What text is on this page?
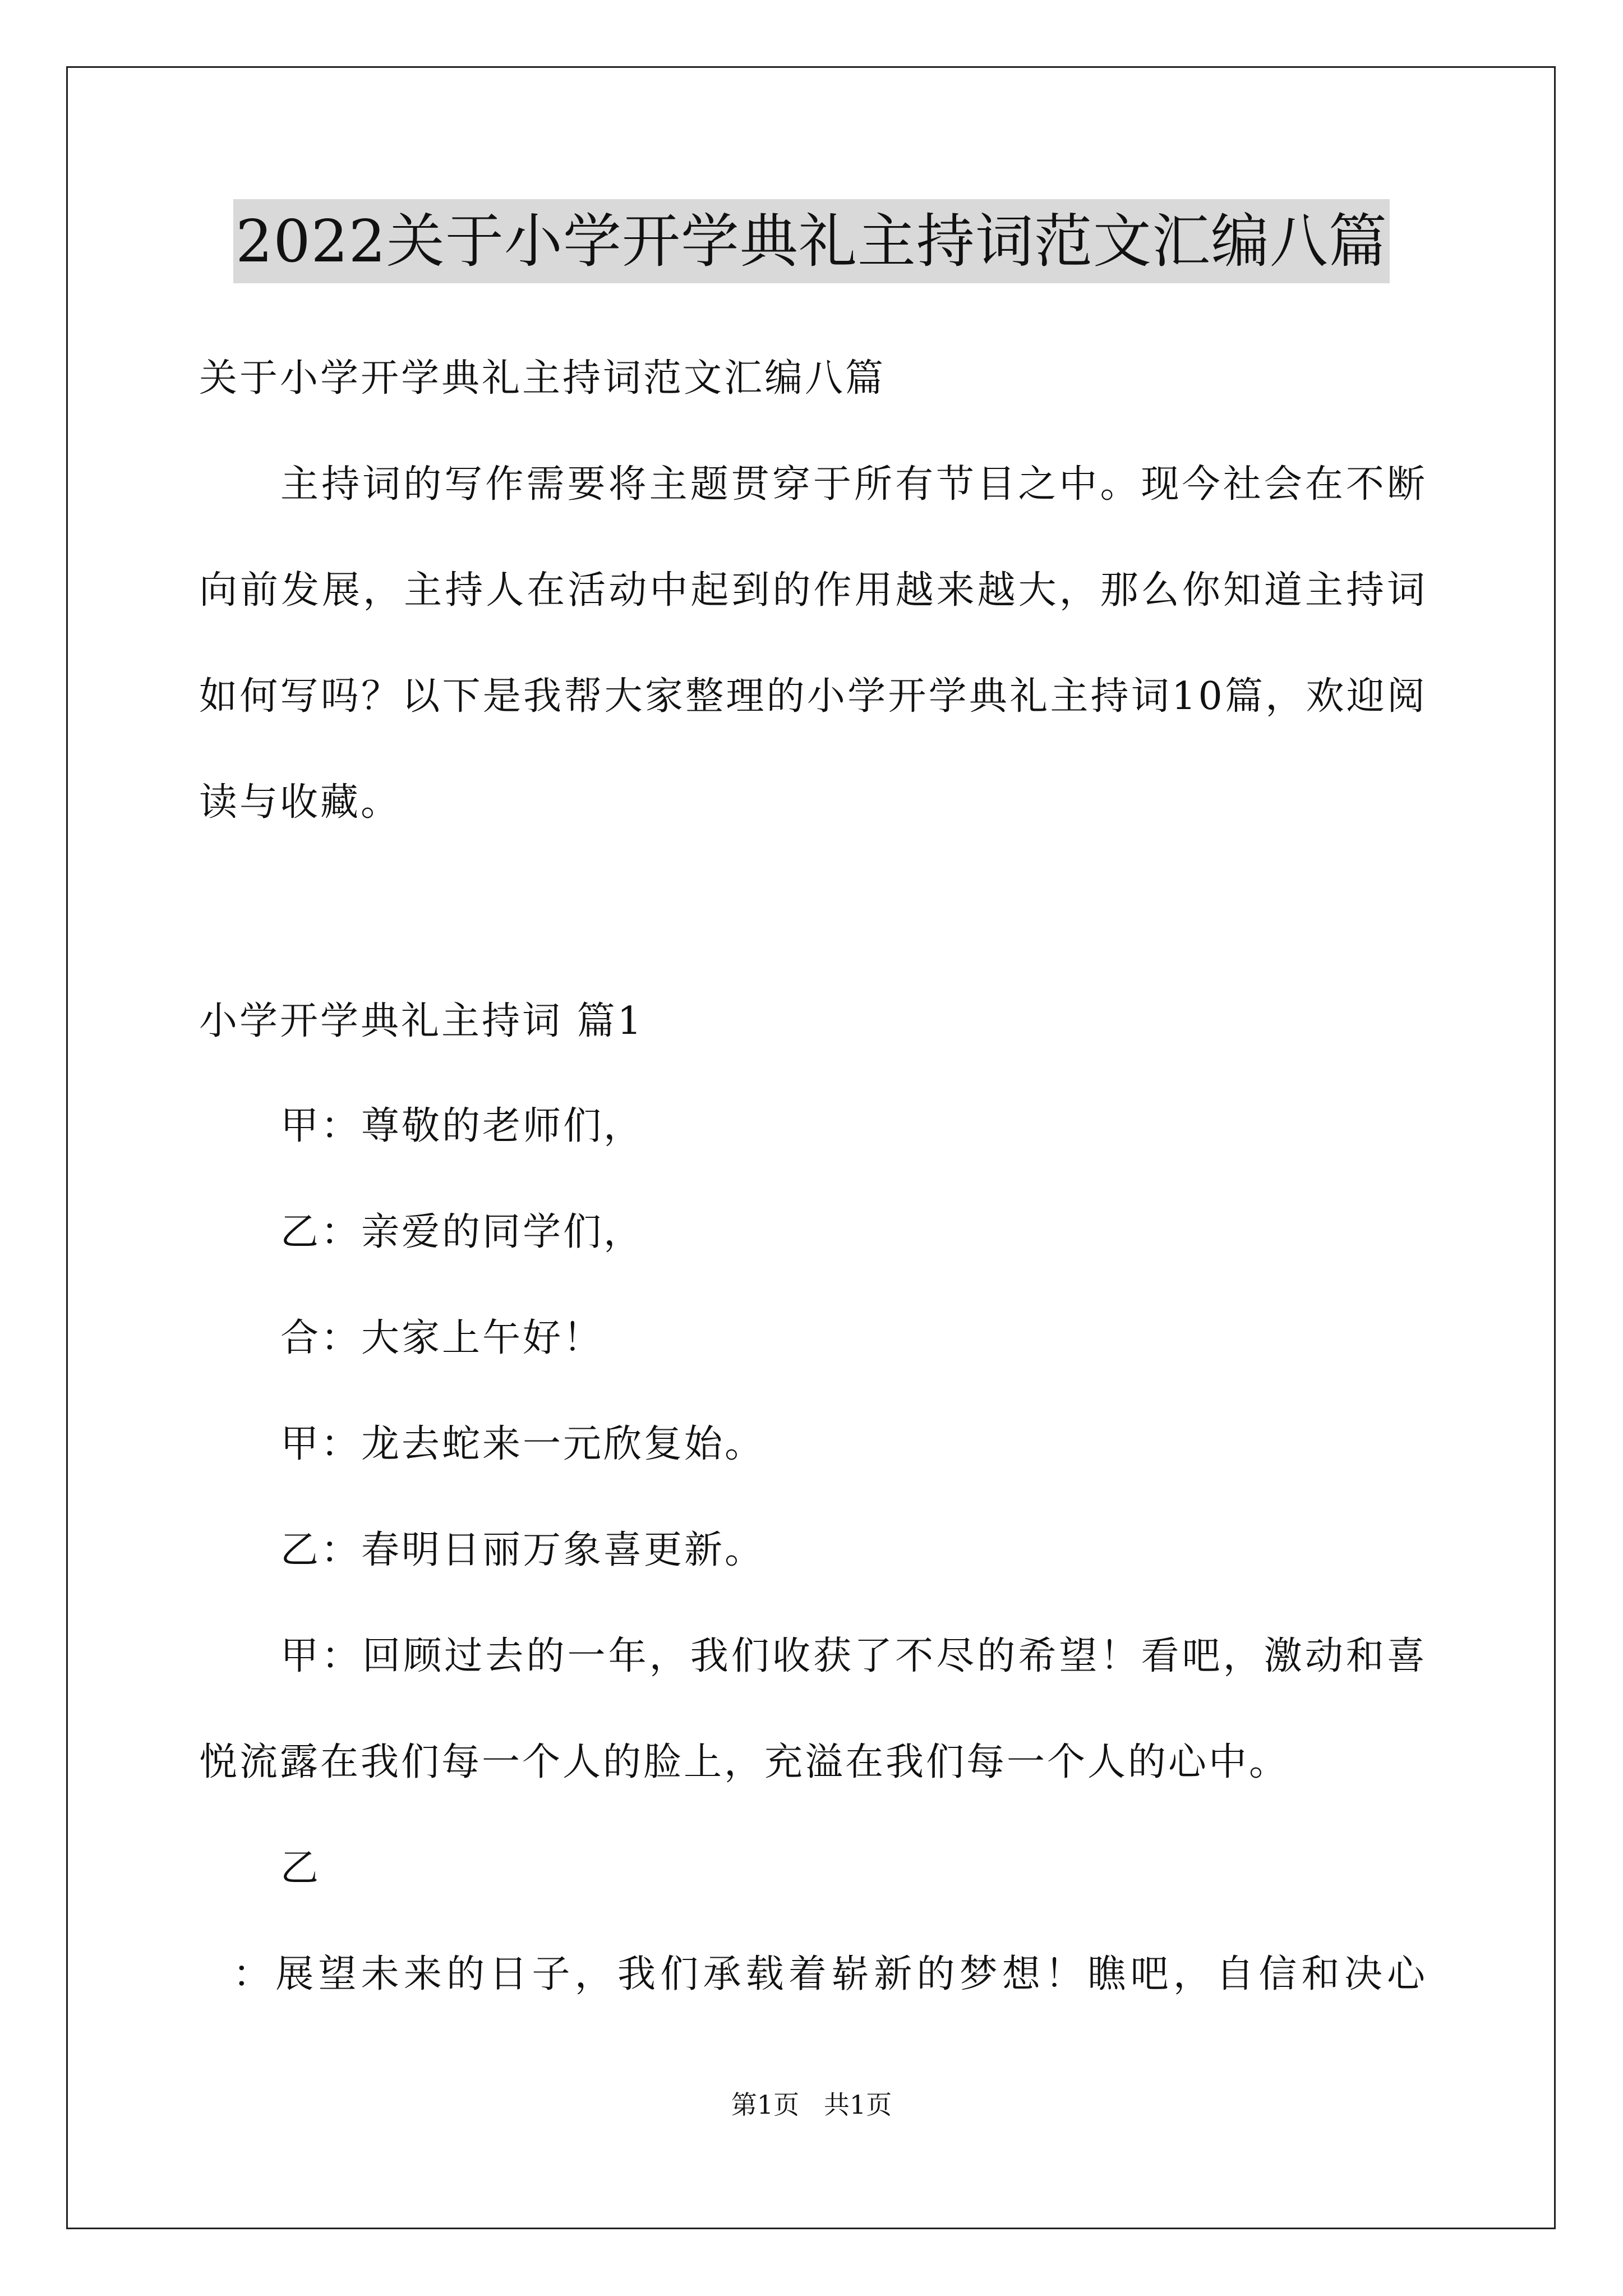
2022关于小学开学典礼主持词范文汇编八篇
关于小学开学典礼主持词范文汇编八篇
主持词的写作需要将主题贯穿于所有节目之中。现今社会在不断
向前发展，主持人在活动中起到的作用越来越大，那么你知道主持词
如何写吗？以下是我帮大家整理的小学开学典礼主持词10篇，欢迎阅
读与收藏。
小学开学典礼主持词 篇1
甲：尊敬的老师们，
乙：亲爱的同学们，
合：大家上午好！
甲：龙去蛇来一元欣复始。
乙：春明日丽万象喜更新。
甲：回顾过去的一年，我们收获了不尽的希望！看吧，激动和喜
悦流露在我们每一个人的脸上，充溢在我们每一个人的心中。
乙
：展望未来的日子，我们承载着崭新的梦想！瞧吧，自信和决心
第1页   共1页
